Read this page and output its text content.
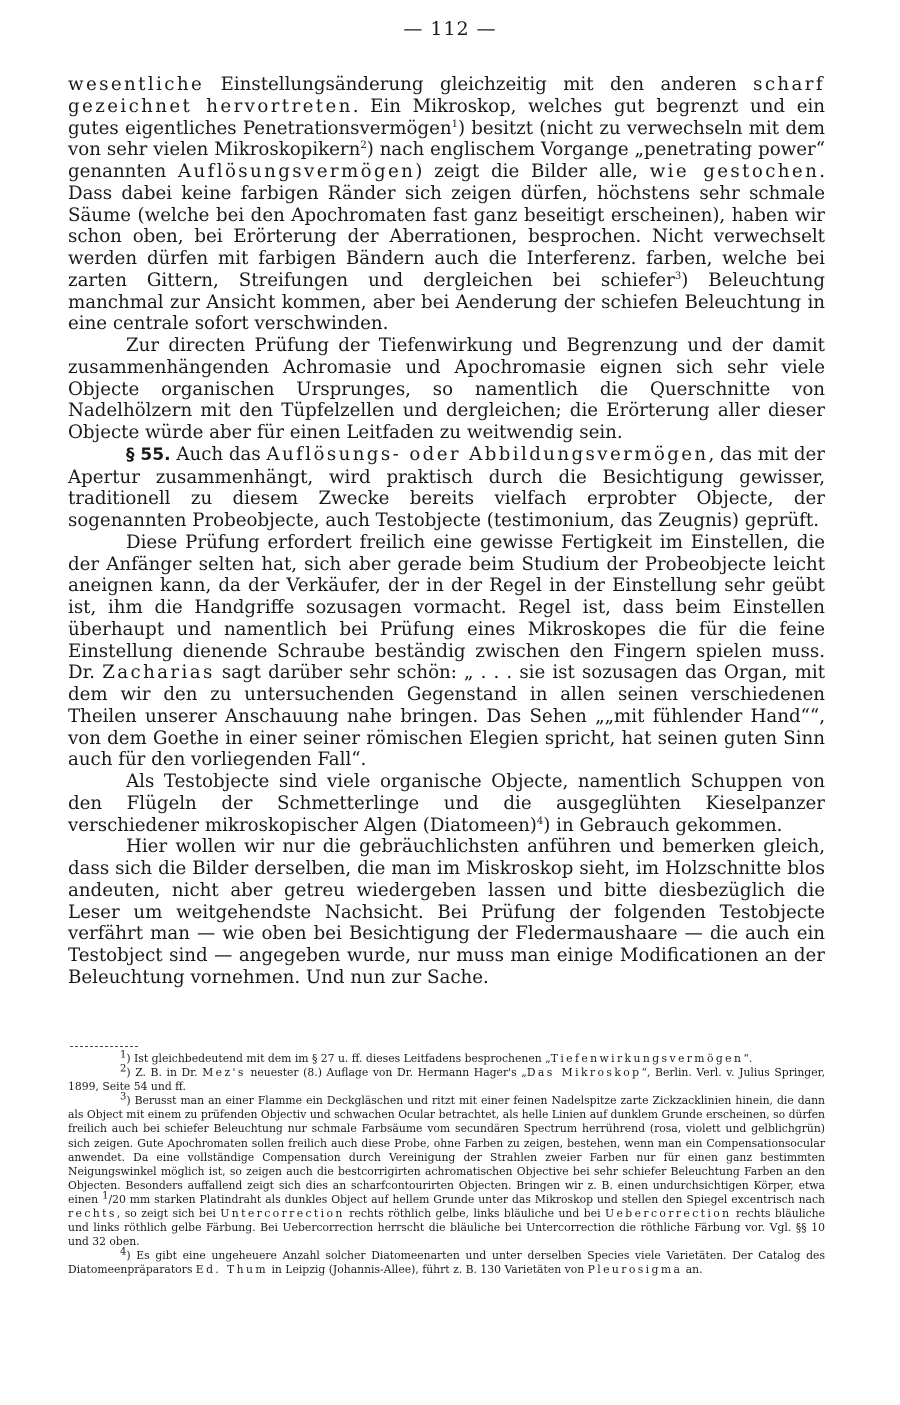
— 112 —

wesentliche Einstellungsänderung gleichzeitig mit den anderen scharf gezeichnet hervortreten. Ein Mikroskop, welches gut begrenzt und ein gutes eigentliches Penetrationsvermögen$^1$) besitzt (nicht zu verwechseln mit dem von sehr vielen Mikroskopikern$^2$) nach englischem Vorgange „penetrating power“ genannten Auflösungsvermögen) zeigt die Bilder alle, wie gestochen. Dass dabei keine farbigen Ränder sich zeigen dürfen, höchstens sehr schmale Säume (welche bei den Apochromaten fast ganz beseitigt erscheinen), haben wir schon oben, bei Erörterung der Aberrationen, besprochen. Nicht verwechselt werden dürfen mit farbigen Bändern auch die Interferenz. farben, welche bei zarten Gittern, Streifungen und dergleichen bei schiefer$^3$) Beleuchtung manchmal zur Ansicht kommen, aber bei Aenderung der schiefen Beleuchtung in eine centrale sofort verschwinden.

Zur directen Prüfung der Tiefenwirkung und Begrenzung und der damit zusammenhängenden Achromasie und Apochromasie eignen sich sehr viele Objecte organischen Ursprunges, so namentlich die Querschnitte von Nadelhölzern mit den Tüpfelzellen und dergleichen; die Erörterung aller dieser Objecte würde aber für einen Leitfaden zu weitwendig sein.

§ 55. Auch das Auflösungs- oder Abbildungsvermögen, das mit der Apertur zusammenhängt, wird praktisch durch die Besichtigung gewisser, traditionell zu diesem Zwecke bereits vielfach erprobter Objecte, der sogenannten Probeobjecte, auch Testobjecte (testimonium, das Zeugnis) geprüft.

Diese Prüfung erfordert freilich eine gewisse Fertigkeit im Einstellen, die der Anfänger selten hat, sich aber gerade beim Studium der Probeobjecte leicht aneignen kann, da der Verkäufer, der in der Regel in der Einstellung sehr geübt ist, ihm die Handgriffe sozusagen vormacht. Regel ist, dass beim Einstellen überhaupt und namentlich bei Prüfung eines Mikroskopes die für die feine Einstellung dienende Schraube beständig zwischen den Fingern spielen muss. Dr. Zacharias sagt darüber sehr schön: „ . . . sie ist sozusagen das Organ, mit dem wir den zu untersuchenden Gegenstand in allen seinen verschiedenen Theilen unserer Anschauung nahe bringen. Das Sehen „„mit fühlender Hand““, von dem Goethe in einer seiner römischen Elegien spricht, hat seinen guten Sinn auch für den vorliegenden Fall“.

Als Testobjecte sind viele organische Objecte, namentlich Schuppen von den Flügeln der Schmetterlinge und die ausgeglühten Kieselpanzer verschiedener mikroskopischer Algen (Diatomeen)$^4$) in Gebrauch gekommen.

Hier wollen wir nur die gebräuchlichsten anführen und bemerken gleich, dass sich die Bilder derselben, die man im Miskroskop sieht, im Holzschnitte blos andeuten, nicht aber getreu wiedergeben lassen und bitte diesbezüglich die Leser um weitgehendste Nachsicht. Bei Prüfung der folgenden Testobjecte verfährt man — wie oben bei Besichtigung der Fledermaushaare — die auch ein Testobject sind — angegeben wurde, nur muss man einige Modificationen an der Beleuchtung vornehmen. Und nun zur Sache.

$^1$) Ist gleichbedeutend mit dem im § 27 u. ff. dieses Leitfadens besprochenen „Tiefenwirkungsvermögen“.

$^2$) Z. B. in Dr. Mez's neuester (8.) Auflage von Dr. Hermann Hager's „Das Mikroskop“, Berlin. Verl. v. Julius Springer, 1899, Seite 54 und ff.

$^3$) Berusst man an einer Flamme ein Deckgläschen und ritzt mit einer feinen Nadelspitze zarte Zickzacklinien hinein, die dann als Object mit einem zu prüfenden Objectiv und schwachen Ocular betrachtet, als helle Linien auf dunklem Grunde erscheinen, so dürfen freilich auch bei schiefer Beleuchtung nur schmale Farbsäume vom secundären Spectrum herrührend (rosa, violett und gelblichgrün) sich zeigen. Gute Apochromaten sollen freilich auch diese Probe, ohne Farben zu zeigen, bestehen, wenn man ein Compensationsocular anwendet. Da eine vollständige Compensation durch Vereinigung der Strahlen zweier Farben nur für einen ganz bestimmten Neigungswinkel möglich ist, so zeigen auch die bestcorrigirten achromatischen Objective bei sehr schiefer Beleuchtung Farben an den Objecten. Besonders auffallend zeigt sich dies an scharfcontourirten Objecten. Bringen wir z. B. einen undurchsichtigen Körper, etwa einen $^1$/20 mm starken Platindraht als dunkles Object auf hellem Grunde unter das Mikroskop und stellen den Spiegel excentrisch nach rechts, so zeigt sich bei Untercorrection rechts röthlich gelbe, links bläuliche und bei Uebercorrection rechts bläuliche und links röthlich gelbe Färbung. Bei Uebercorrection herrscht die bläuliche bei Untercorrection die röthliche Färbung vor. Vgl. §§ 10 und 32 oben.

$^4$) Es gibt eine ungeheuere Anzahl solcher Diatomeenarten und unter derselben Species viele Varietäten. Der Catalog des Diatomeenpräparators Ed. Thum in Leipzig (Johannis-Allee), führt z. B. 130 Varietäten von Pleurosigma an.
